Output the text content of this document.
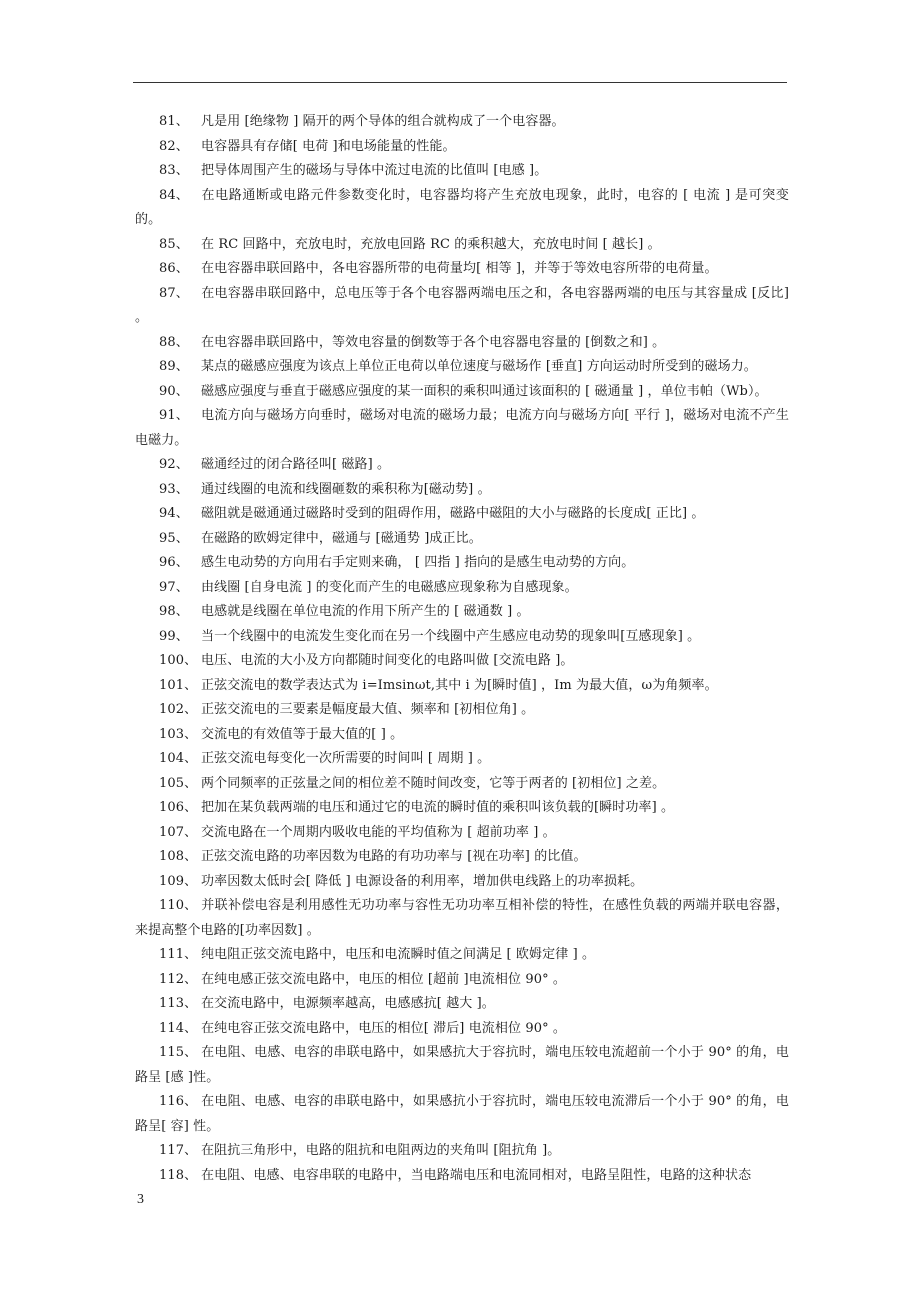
81、 凡是用 [绝缘物 ] 隔开的两个导体的组合就构成了一个电容器。
82、 电容器具有存储[ 电荷 ]和电场能量的性能。
83、 把导体周围产生的磁场与导体中流过电流的比值叫 [电感 ]。
84、 在电路通断或电路元件参数变化时，电容器均将产生充放电现象，此时，电容的 [ 电流 ] 是可突变的。
85、 在 RC 回路中，充放电时，充放电回路 RC 的乘积越大，充放电时间 [ 越长] 。
86、 在电容器串联回路中，各电容器所带的电荷量均[ 相等 ]，并等于等效电容所带的电荷量。
87、 在电容器串联回路中，总电压等于各个电容器两端电压之和，各电容器两端的电压与其容量成 [反比] 。
88、 在电容器串联回路中，等效电容量的倒数等于各个电容器电容量的 [倒数之和] 。
89、 某点的磁感应强度为该点上单位正电荷以单位速度与磁场作 [垂直] 方向运动时所受到的磁场力。
90、 磁感应强度与垂直于磁感应强度的某一面积的乘积叫通过该面积的 [ 磁通量 ] ，单位韦帕（Wb）。
91、 电流方向与磁场方向垂时，磁场对电流的磁场力最；电流方向与磁场方向[ 平行 ]，磁场对电流不产生电磁力。
92、 磁通经过的闭合路径叫[ 磁路] 。
93、 通过线圈的电流和线圈砸数的乘积称为[磁动势] 。
94、 磁阻就是磁通通过磁路时受到的阻碍作用，磁路中磁阻的大小与磁路的长度成[ 正比] 。
95、 在磁路的欧姆定律中，磁通与 [磁通势 ]成正比。
96、 感生电动势的方向用右手定则来确， [ 四指 ] 指向的是感生电动势的方向。
97、 由线圈 [自身电流 ] 的变化而产生的电磁感应现象称为自感现象。
98、 电感就是线圈在单位电流的作用下所产生的 [ 磁通数 ] 。
99、 当一个线圈中的电流发生变化而在另一个线圈中产生感应电动势的现象叫[互感现象] 。
100、 电压、电流的大小及方向都随时间变化的电路叫做 [交流电路 ]。
101、 正弦交流电的数学表达式为 i=Imsinωt,其中 i 为[瞬时值] ，Im 为最大值，ω为角频率。
102、 正弦交流电的三要素是幅度最大值、频率和 [初相位角] 。
103、 交流电的有效值等于最大值的[ ] 。
104、 正弦交流电每变化一次所需要的时间叫 [ 周期 ] 。
105、 两个同频率的正弦量之间的相位差不随时间改变，它等于两者的 [初相位] 之差。
106、 把加在某负载两端的电压和通过它的电流的瞬时值的乘积叫该负载的[瞬时功率] 。
107、 交流电路在一个周期内吸收电能的平均值称为 [ 超前功率 ] 。
108、 正弦交流电路的功率因数为电路的有功功率与 [视在功率] 的比值。
109、 功率因数太低时会[ 降低 ] 电源设备的利用率，增加供电线路上的功率损耗。
110、 并联补偿电容是利用感性无功功率与容性无功功率互相补偿的特性，在感性负载的两端并联电容器，来提高整个电路的[功率因数] 。
111、 纯电阻正弦交流电路中，电压和电流瞬时值之间满足 [ 欧姆定律 ] 。
112、 在纯电感正弦交流电路中，电压的相位 [超前 ]电流相位 90° 。
113、 在交流电路中，电源频率越高，电感感抗[ 越大 ]。
114、 在纯电容正弦交流电路中，电压的相位[ 滞后] 电流相位 90° 。
115、 在电阻、电感、电容的串联电路中，如果感抗大于容抗时，端电压较电流超前一个小于 90° 的角，电路呈 [感 ]性。
116、 在电阻、电感、电容的串联电路中，如果感抗小于容抗时，端电压较电流滞后一个小于 90° 的角，电路呈[ 容] 性。
117、 在阻抗三角形中，电路的阻抗和电阻两边的夹角叫 [阻抗角 ]。
118、 在电阻、电感、电容串联的电路中，当电路端电压和电流同相对，电路呈阻性，电路的这种状态
3
